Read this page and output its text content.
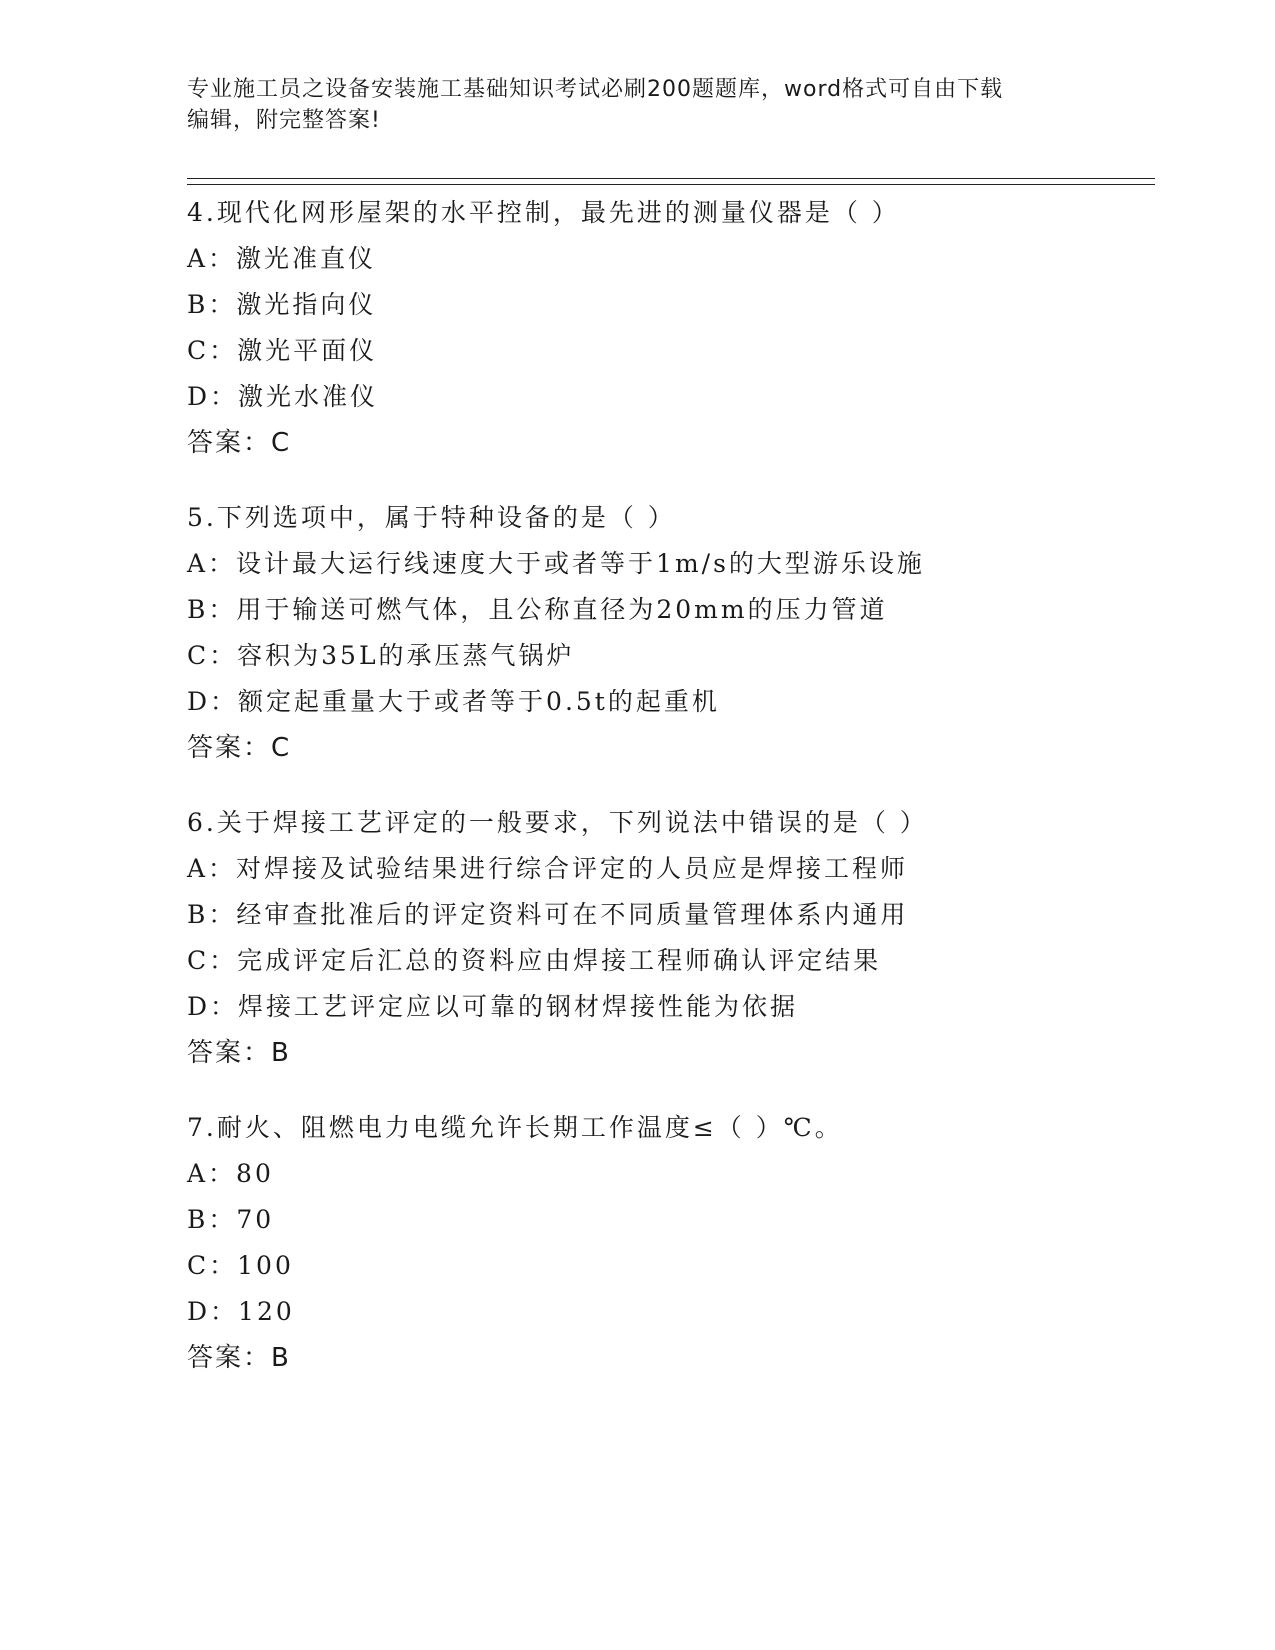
专业施工员之设备安装施工基础知识考试必刷200题题库，word格式可自由下载
编辑，附完整答案!
4.现代化网形屋架的水平控制，最先进的测量仪器是（ ）
A：激光准直仪
B：激光指向仪
C：激光平面仪
D：激光水准仪
答案：C
5.下列选项中，属于特种设备的是（ ）
A：设计最大运行线速度大于或者等于1m/s的大型游乐设施
B：用于输送可燃气体，且公称直径为20mm的压力管道
C：容积为35L的承压蒸气锅炉
D：额定起重量大于或者等于0.5t的起重机
答案：C
6.关于焊接工艺评定的一般要求，下列说法中错误的是（ ）
A：对焊接及试验结果进行综合评定的人员应是焊接工程师
B：经审查批准后的评定资料可在不同质量管理体系内通用
C：完成评定后汇总的资料应由焊接工程师确认评定结果
D：焊接工艺评定应以可靠的钢材焊接性能为依据
答案：B
7.耐火、阻燃电力电缆允许长期工作温度≤（ ）℃。
A：80
B：70
C：100
D：120
答案：B
